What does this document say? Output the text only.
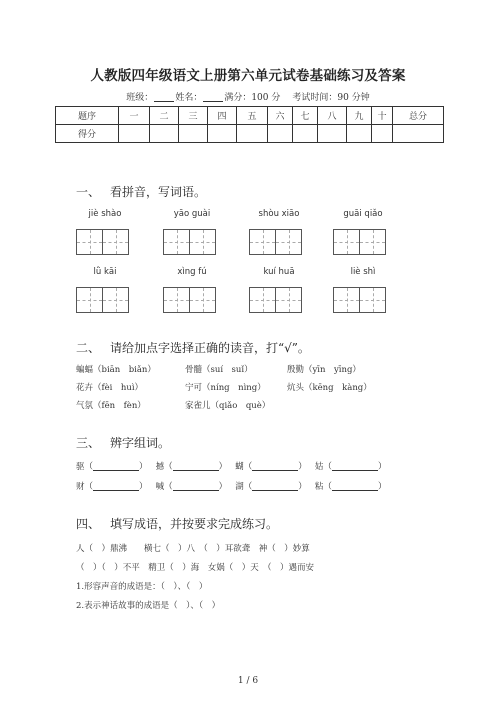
人教版四年级语文上册第六单元试卷基础练习及答案
班级： 姓名： 满分：100 分 考试时间：90 分钟
题序	一	二	三	四	五	六	七	八	九	十	总分
得分											
一、 看拼音，写词语。
jiè shào	yāo guài	shòu xiāo	guāi qiǎo
lǜ kāi	xìng fú	kuí huā	liè shì
二、 请给加点字选择正确的读音，打“√”。
蝙蝠（biān　biǎn）	骨髓（suí　suǐ）	殷勤（yīn　yīng）
花卉（fèi　huì）	宁可（níng　nìng）	炕头（kēng　kàng）
气氛（fēn　fèn）	家雀儿（qiǎo　què）
三、 辨字组词。
驱（	） 撼（	） 蝴（	） 姑（	）
财（	） 喊（	） 湖（	） 粘（	）
四、 填写成语，并按要求完成练习。
人（　）鼎沸　　横七（　）八　（　）耳欲聋　神（　）妙算
（　）（　）不平　精卫（　）海　女娲（　）天　（　）遇而安
1.形容声音的成语是：（　）、（　）
2.表示神话故事的成语是（　）、（　）
1 / 6
